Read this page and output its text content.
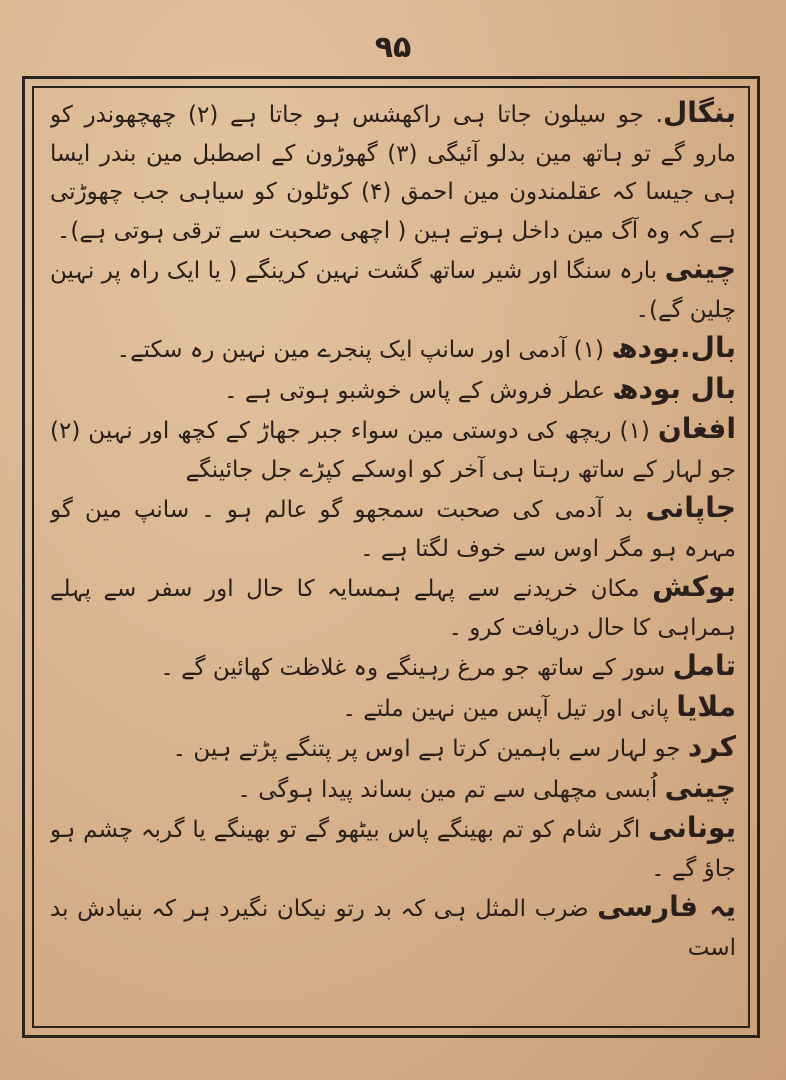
۹۵

بنگال. جو سیلون جاتا ہی راکھشس ہو جاتا ہے (۲) چھچھوندر کو مارو گے تو ہاتھ مین بدلو آئیگی (۳) گھوڑون کے اصطبل مین بندر ایسا ہی جیسا کہ عقلمندون مین احمق (۴) کوٹلون کو سیاہی جب چھوڑتی ہے کہ وہ آگ مین داخل ہوتے ہین ( اچھی صحبت سے ترقی ہوتی ہے)۔

چینی بارہ سنگا اور شیر ساتھ گشت نہین کرینگے ( یا ایک راہ پر نہین چلین گے)۔

بال.بودھ (۱) آدمی اور سانپ ایک پنجرے مین نہین رہ سکتے۔

بال بودھ عطر فروش کے پاس خوشبو ہوتی ہے ۔

افغان (۱) ریچھ کی دوستی مین سواء جبر جھاڑ کے کچھ اور نہین (۲) جو لہار کے ساتھ رہتا ہی آخر کو اوسکے کپڑے جل جائینگے

جاپانی بد آدمی کی صحبت سمجھو گو عالم ہو ۔ سانپ مین گو مہرہ ہو مگر اوس سے خوف لگتا ہے ۔

بوکش مکان خریدنے سے پہلے ہمسایہ کا حال اور سفر سے پہلے ہمراہی کا حال دریافت کرو ۔

تامل سور کے ساتھ جو مرغ رہینگے وہ غلاظت کھائین گے ۔

ملایا پانی اور تیل آپس مین نہین ملتے ۔

کرد جو لہار سے باہمین کرتا ہے اوس پر پتنگے پڑتے ہین ۔

چینی اُبسی مچھلی سے تم مین بساند پیدا ہوگی ۔

یونانی اگر شام کو تم بھینگے پاس بیٹھو گے تو بھینگے یا گربہ چشم ہو جاؤ گے ۔

یہ فارسی ضرب المثل ہی کہ بد رتو نیکان نگیرد ہر کہ بنیادش بد است
